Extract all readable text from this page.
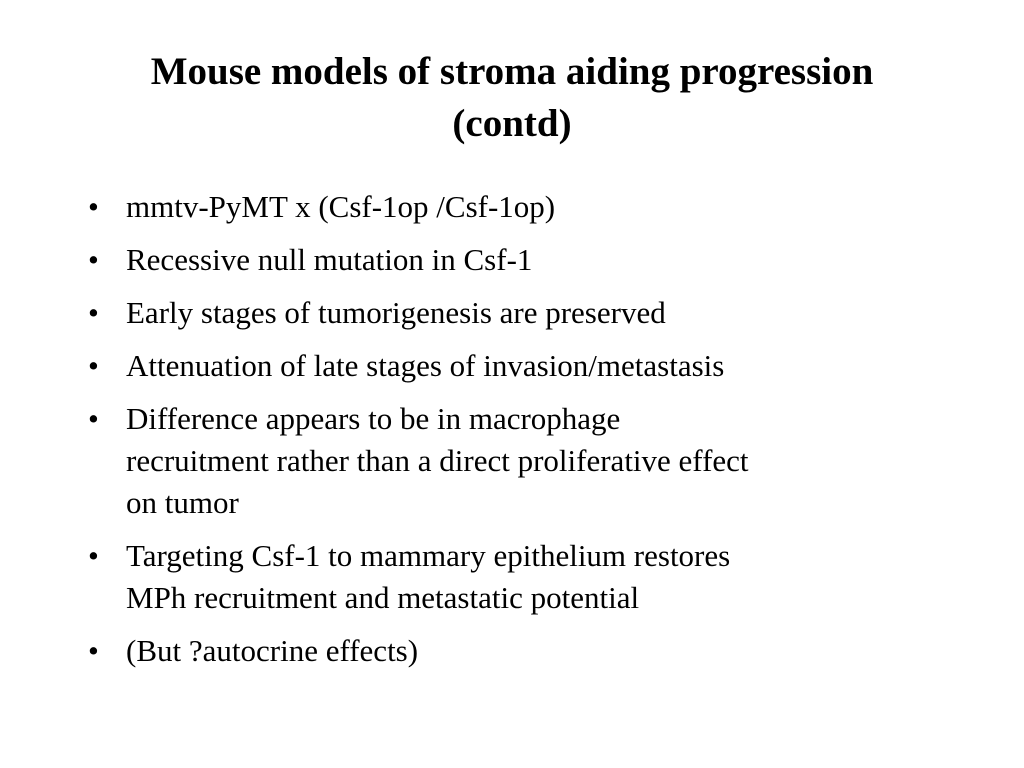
Mouse models of stroma aiding progression
(contd)
• mmtv-PyMT x (Csf-1op /Csf-1op)
• Recessive null mutation in Csf-1
• Early stages of tumorigenesis are preserved
• Attenuation of late stages of invasion/metastasis
• Difference appears to be in macrophage
recruitment rather than a direct proliferative effect
on tumor
• Targeting Csf-1 to mammary epithelium restores
MPh recruitment and metastatic potential
• (But ?autocrine effects)
